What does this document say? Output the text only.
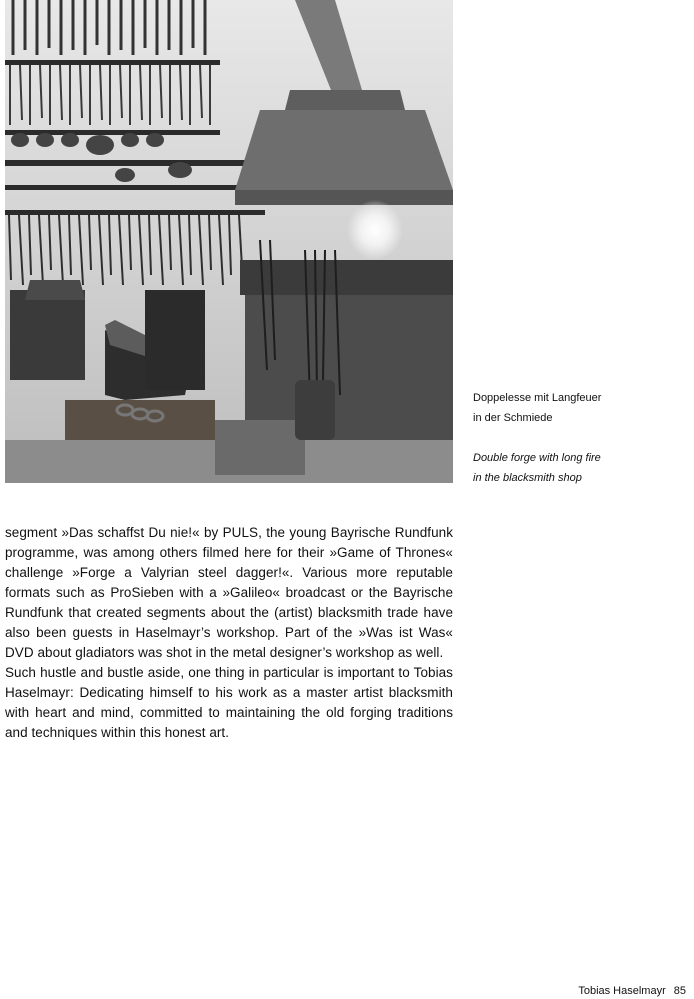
Doppelesse mit Langfeuer
in der Schmiede
Double forge with long fire
in the blacksmith shop

segment »Das schaffst Du nie!« by PULS, the young Bayrische Rundfunk programme, was among others filmed here for their »Game of Thrones« challenge »Forge a Valyrian steel dagger!«. Various more reputable formats such as ProSieben with a »Galileo« broadcast or the Bayrische Rundfunk that created segments about the (artist) blacksmith trade have also been guests in Haselmayr’s workshop. Part of the »Was ist Was« DVD about gladiators was shot in the metal designer’s workshop as well.

Such hustle and bustle aside, one thing in particular is important to Tobias Haselmayr: Dedicating himself to his work as a master artist blacksmith with heart and mind, committed to maintaining the old forging traditions and techniques within this honest art.

Tobias Haselmayr 85
